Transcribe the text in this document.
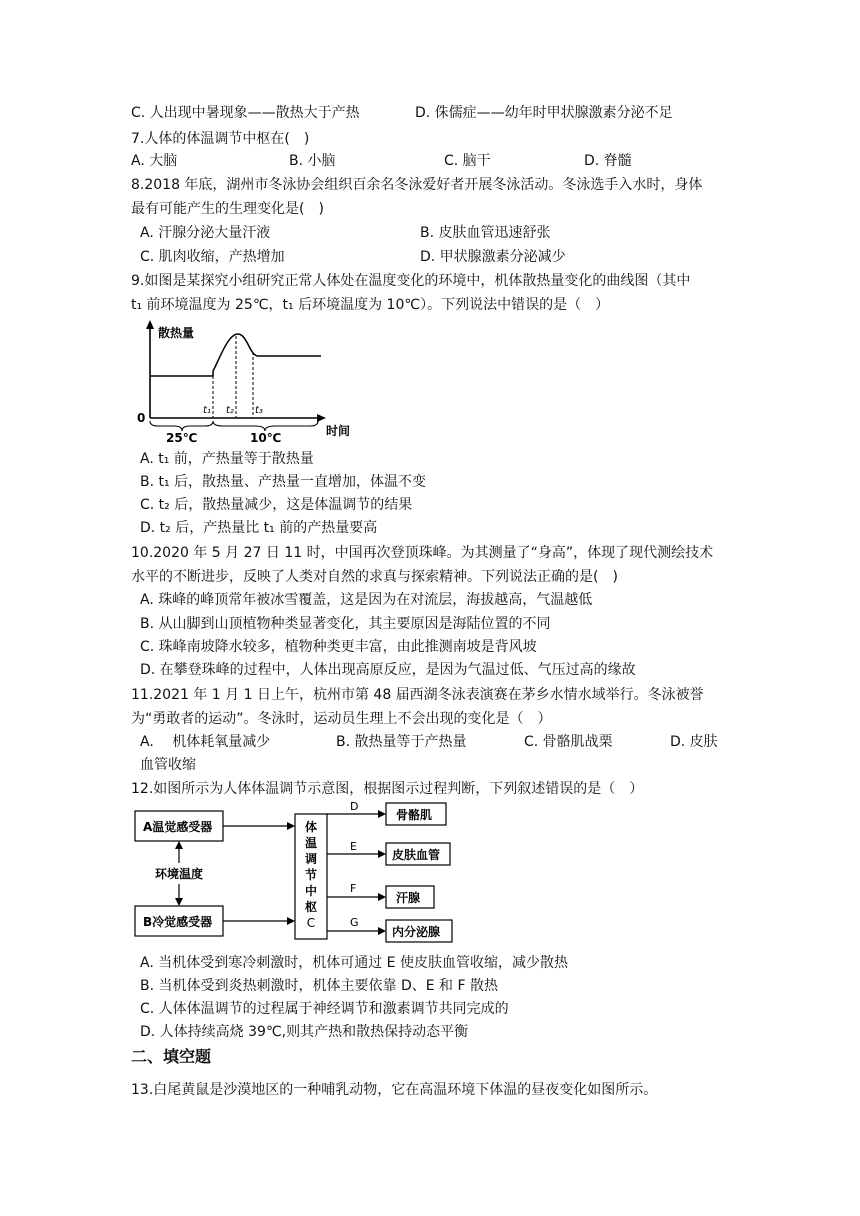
C. 人出现中暑现象——散热大于产热	D. 侏儒症——幼年时甲状腺激素分泌不足
7.人体的体温调节中枢在(　)
A. 大脑	B. 小脑	C. 脑干	D. 脊髓
8.2018 年底，湖州市冬泳协会组织百余名冬泳爱好者开展冬泳活动。冬泳选手入水时，身体
最有可能产生的生理变化是(　)
A. 汗腺分泌大量汗液	B. 皮肤血管迅速舒张
C. 肌肉收缩，产热增加	D. 甲状腺激素分泌减少
9.如图是某探究小组研究正常人体处在温度变化的环境中，机体散热量变化的曲线图（其中
t₁ 前环境温度为 25℃，t₁ 后环境温度为 10℃）。下列说法中错误的是（　）
散热量
时间
0
t₁ t₂ t₃
25℃	10℃
A. t₁ 前，产热量等于散热量
B. t₁ 后，散热量、产热量一直增加，体温不变
C. t₂ 后，散热量减少，这是体温调节的结果
D. t₂ 后，产热量比 t₁ 前的产热量要高
10.2020 年 5 月 27 日 11 时，中国再次登顶珠峰。为其测量了“身高”，体现了现代测绘技术
水平的不断进步，反映了人类对自然的求真与探索精神。下列说法正确的是(　)
A. 珠峰的峰顶常年被冰雪覆盖，这是因为在对流层，海拔越高，气温越低
B. 从山脚到山顶植物种类显著变化，其主要原因是海陆位置的不同
C. 珠峰南坡降水较多，植物种类更丰富，由此推测南坡是背风坡
D. 在攀登珠峰的过程中，人体出现高原反应，是因为气温过低、气压过高的缘故
11.2021 年 1 月 1 日上午，杭州市第 48 届西湖冬泳表演赛在茅乡水情水域举行。冬泳被誉
为“勇敢者的运动”。冬泳时，运动员生理上不会出现的变化是（　）
A.　 机体耗氧量减少	B. 散热量等于产热量	C. 骨骼肌战栗	D. 皮肤
血管收缩
12.如图所示为人体体温调节示意图，根据图示过程判断，下列叙述错误的是（　）
A温觉感受器
B冷觉感受器
环境温度
体
温
调
节
中
枢
C
D
E
F
G
骨骼肌
皮肤血管
汗腺
内分泌腺
A. 当机体受到寒冷刺激时，机体可通过 E 使皮肤血管收缩，减少散热
B. 当机体受到炎热刺激时，机体主要依靠 D、E 和 F 散热
C. 人体体温调节的过程属于神经调节和激素调节共同完成的
D. 人体持续高烧 39℃,则其产热和散热保持动态平衡
二、填空题
13.白尾黄鼠是沙漠地区的一种哺乳动物，它在高温环境下体温的昼夜变化如图所示。
